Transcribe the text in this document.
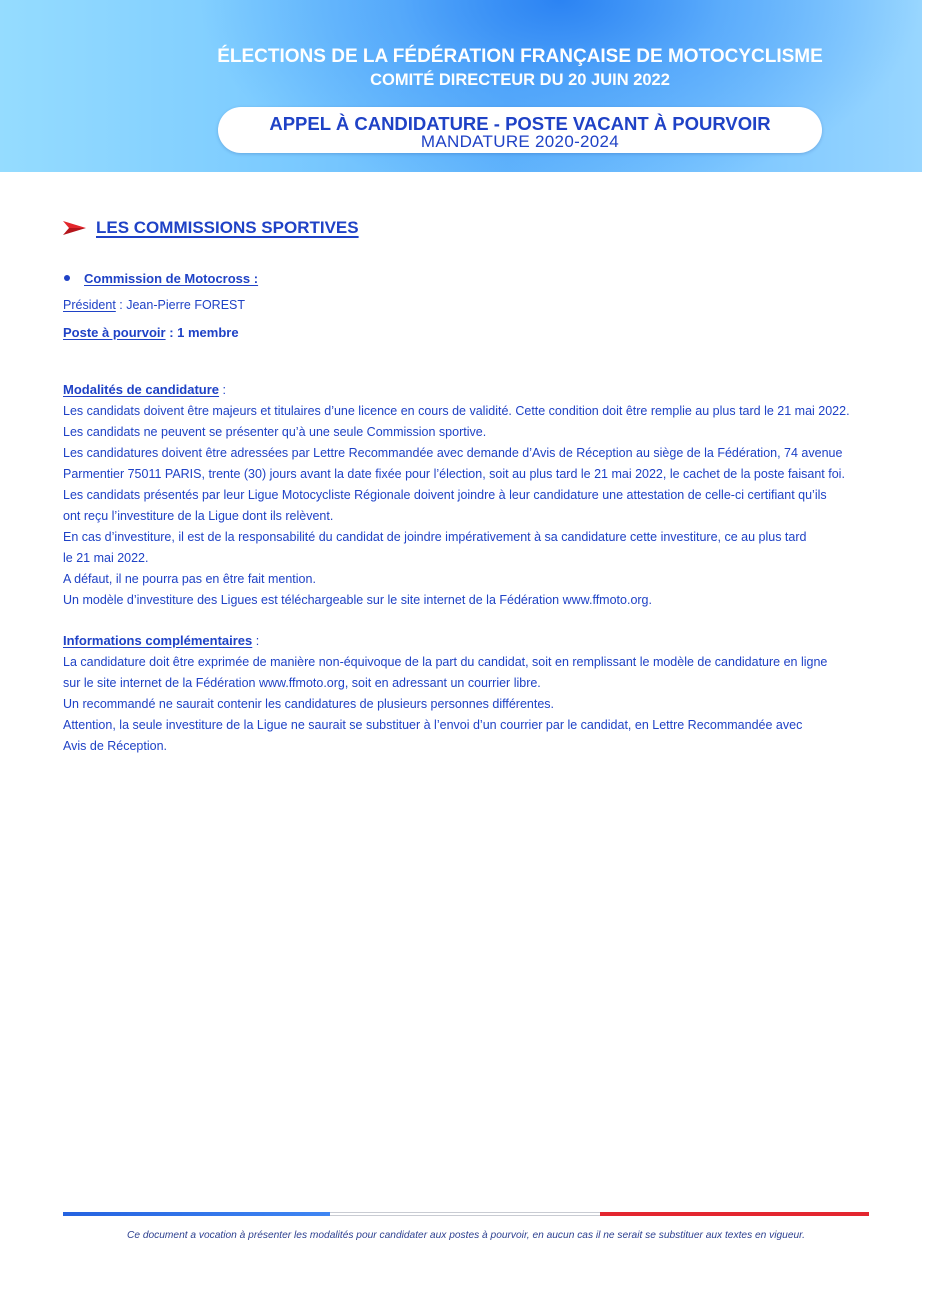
ÉLECTIONS DE LA FÉDÉRATION FRANÇAISE DE MOTOCYCLISME
COMITÉ DIRECTEUR DU 20 JUIN 2022
APPEL À CANDIDATURE - POSTE VACANT À POURVOIR
MANDATURE 2020-2024
LES COMMISSIONS SPORTIVES
Commission de Motocross :
Président : Jean-Pierre FOREST
Poste à pourvoir : 1 membre
Modalités de candidature :
Les candidats doivent être majeurs et titulaires d’une licence en cours de validité. Cette condition doit être remplie au plus tard le 21 mai 2022.
Les candidats ne peuvent se présenter qu’à une seule Commission sportive.
Les candidatures doivent être adressées par Lettre Recommandée avec demande d’Avis de Réception au siège de la Fédération, 74 avenue
Parmentier 75011 PARIS, trente (30) jours avant la date fixée pour l’élection, soit au plus tard le 21 mai 2022, le cachet de la poste faisant foi.
Les candidats présentés par leur Ligue Motocycliste Régionale doivent joindre à leur candidature une attestation de celle-ci certifiant qu’ils
ont reçu l’investiture de la Ligue dont ils relèvent.
En cas d’investiture, il est de la responsabilité du candidat de joindre impérativement à sa candidature cette investiture, ce au plus tard
le 21 mai 2022.
A défaut, il ne pourra pas en être fait mention.
Un modèle d’investiture des Ligues est téléchargeable sur le site internet de la Fédération www.ffmoto.org.
Informations complémentaires :
La candidature doit être exprimée de manière non-équivoque de la part du candidat, soit en remplissant le modèle de candidature en ligne
sur le site internet de la Fédération www.ffmoto.org, soit en adressant un courrier libre.
Un recommandé ne saurait contenir les candidatures de plusieurs personnes différentes.
Attention, la seule investiture de la Ligue ne saurait se substituer à l’envoi d’un courrier par le candidat, en Lettre Recommandée avec
Avis de Réception.
Ce document a vocation à présenter les modalités pour candidater aux postes à pourvoir, en aucun cas il ne serait se substituer aux textes en vigueur.
